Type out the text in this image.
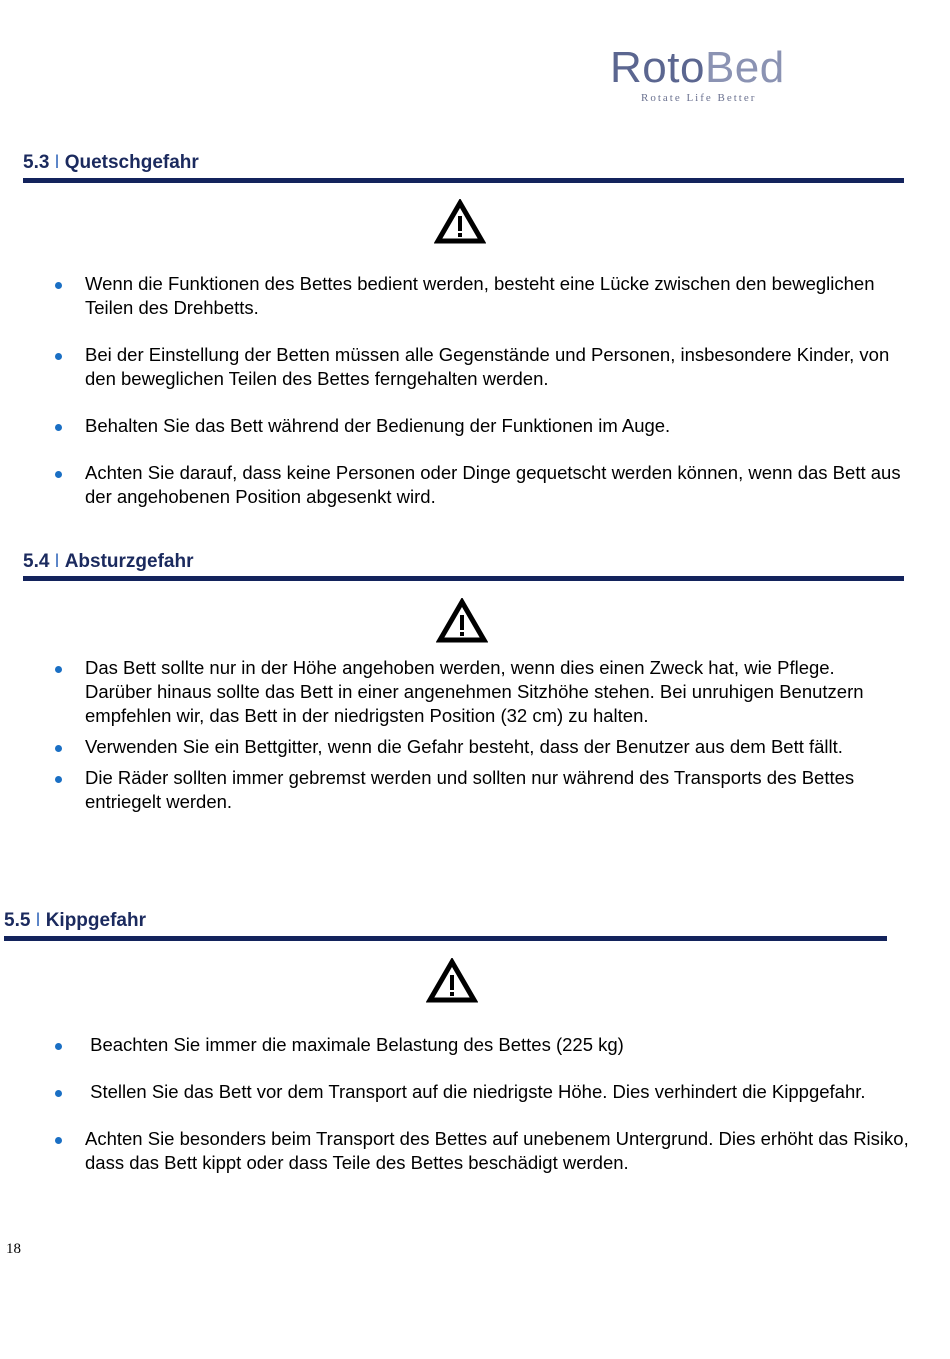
RotoBed
Rotate Life Better
5.3 I Quetschgefahr
Wenn die Funktionen des Bettes bedient werden, besteht eine Lücke zwischen den beweglichen Teilen des Drehbetts.
Bei der Einstellung der Betten müssen alle Gegenstände und Personen, insbesondere Kinder, von den beweglichen Teilen des Bettes ferngehalten werden.
Behalten Sie das Bett während der Bedienung der Funktionen im Auge.
Achten Sie darauf, dass keine Personen oder Dinge gequetscht werden können, wenn das Bett aus der angehobenen Position abgesenkt wird.
5.4 I Absturzgefahr
Das Bett sollte nur in der Höhe angehoben werden, wenn dies einen Zweck hat, wie Pflege. Darüber hinaus sollte das Bett in einer angenehmen Sitzhöhe stehen. Bei unruhigen Benutzern empfehlen wir, das Bett in der niedrigsten Position (32 cm) zu halten.
Verwenden Sie ein Bettgitter, wenn die Gefahr besteht, dass der Benutzer aus dem Bett fällt.
Die Räder sollten immer gebremst werden und sollten nur während des Transports des Bettes entriegelt werden.
5.5 I Kippgefahr
Beachten Sie immer die maximale Belastung des Bettes (225 kg)
Stellen Sie das Bett vor dem Transport auf die niedrigste Höhe. Dies verhindert die Kippgefahr.
Achten Sie besonders beim Transport des Bettes auf unebenem Untergrund. Dies erhöht das Risiko, dass das Bett kippt oder dass Teile des Bettes beschädigt werden.
18
